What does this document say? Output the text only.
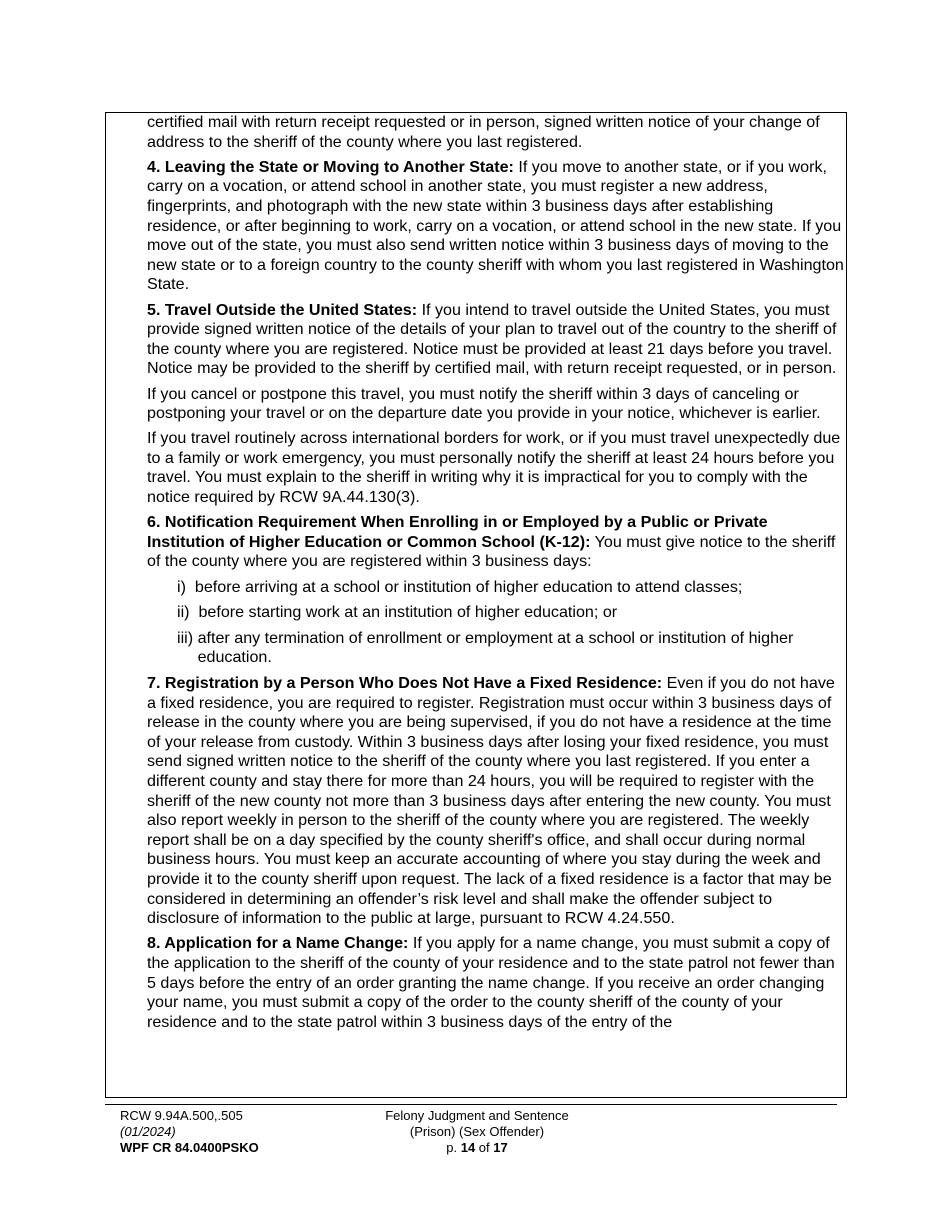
certified mail with return receipt requested or in person, signed written notice of your change of address to the sheriff of the county where you last registered.

4. Leaving the State or Moving to Another State: If you move to another state, or if you work, carry on a vocation, or attend school in another state, you must register a new address, fingerprints, and photograph with the new state within 3 business days after establishing residence, or after beginning to work, carry on a vocation, or attend school in the new state. If you move out of the state, you must also send written notice within 3 business days of moving to the new state or to a foreign country to the county sheriff with whom you last registered in Washington State.

5. Travel Outside the United States: If you intend to travel outside the United States, you must provide signed written notice of the details of your plan to travel out of the country to the sheriff of the county where you are registered. Notice must be provided at least 21 days before you travel. Notice may be provided to the sheriff by certified mail, with return receipt requested, or in person.

If you cancel or postpone this travel, you must notify the sheriff within 3 days of canceling or postponing your travel or on the departure date you provide in your notice, whichever is earlier.

If you travel routinely across international borders for work, or if you must travel unexpectedly due to a family or work emergency, you must personally notify the sheriff at least 24 hours before you travel. You must explain to the sheriff in writing why it is impractical for you to comply with the notice required by RCW 9A.44.130(3).

6. Notification Requirement When Enrolling in or Employed by a Public or Private Institution of Higher Education or Common School (K-12): You must give notice to the sheriff of the county where you are registered within 3 business days:

i) before arriving at a school or institution of higher education to attend classes;
ii) before starting work at an institution of higher education; or
iii) after any termination of enrollment or employment at a school or institution of higher education.

7. Registration by a Person Who Does Not Have a Fixed Residence: Even if you do not have a fixed residence, you are required to register. Registration must occur within 3 business days of release in the county where you are being supervised, if you do not have a residence at the time of your release from custody. Within 3 business days after losing your fixed residence, you must send signed written notice to the sheriff of the county where you last registered. If you enter a different county and stay there for more than 24 hours, you will be required to register with the sheriff of the new county not more than 3 business days after entering the new county. You must also report weekly in person to the sheriff of the county where you are registered. The weekly report shall be on a day specified by the county sheriff's office, and shall occur during normal business hours. You must keep an accurate accounting of where you stay during the week and provide it to the county sheriff upon request. The lack of a fixed residence is a factor that may be considered in determining an offender’s risk level and shall make the offender subject to disclosure of information to the public at large, pursuant to RCW 4.24.550.

8. Application for a Name Change: If you apply for a name change, you must submit a copy of the application to the sheriff of the county of your residence and to the state patrol not fewer than 5 days before the entry of an order granting the name change. If you receive an order changing your name, you must submit a copy of the order to the county sheriff of the county of your residence and to the state patrol within 3 business days of the entry of the

RCW 9.94A.500,.505
(01/2024)
WPF CR 84.0400PSKO
Felony Judgment and Sentence
(Prison) (Sex Offender)
p. 14 of 17
